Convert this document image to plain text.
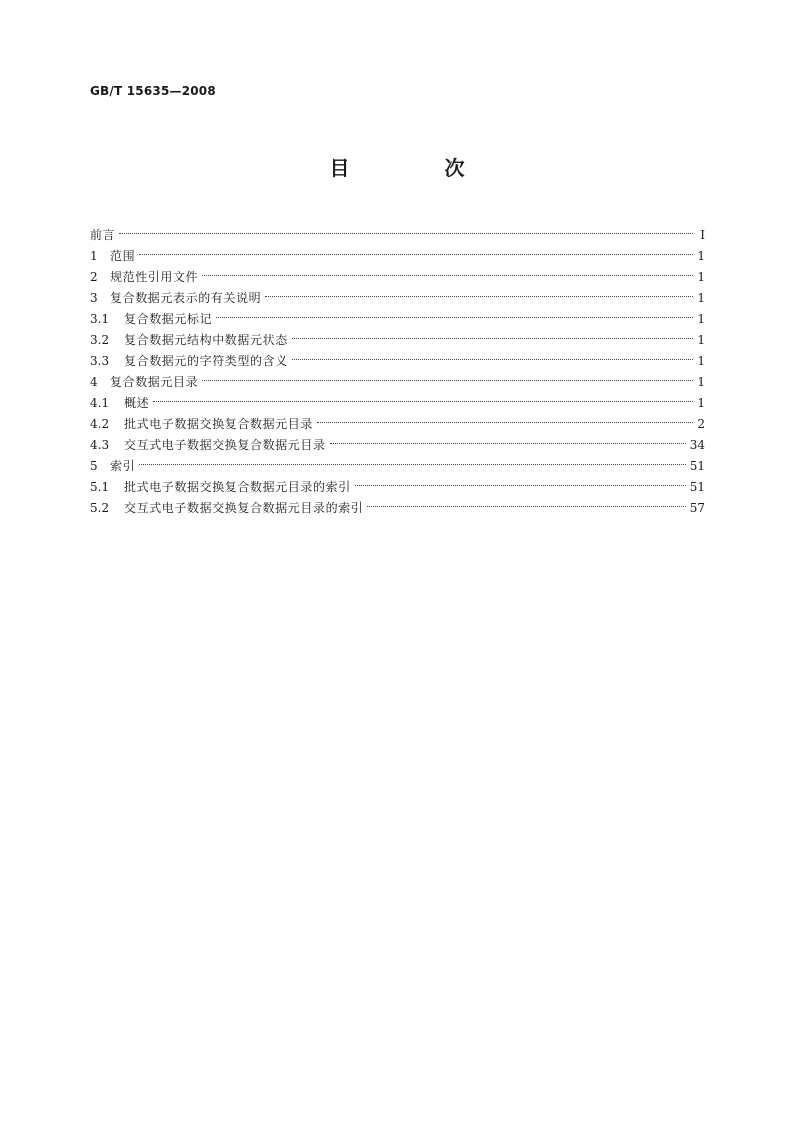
GB/T 15635—2008
目 次
前言	Ⅰ
1	范围	1
2	规范性引用文件	1
3	复合数据元表示的有关说明	1
3.1	复合数据元标记	1
3.2	复合数据元结构中数据元状态	1
3.3	复合数据元的字符类型的含义	1
4	复合数据元目录	1
4.1	概述	1
4.2	批式电子数据交换复合数据元目录	2
4.3	交互式电子数据交换复合数据元目录	34
5	索引	51
5.1	批式电子数据交换复合数据元目录的索引	51
5.2	交互式电子数据交换复合数据元目录的索引	57
